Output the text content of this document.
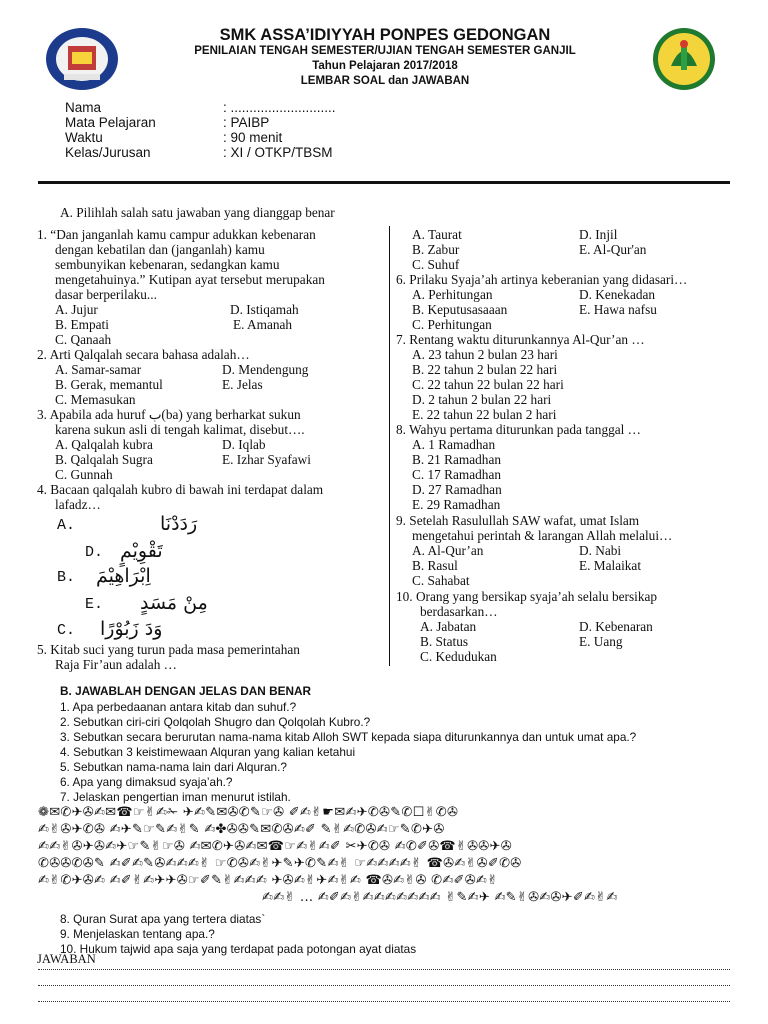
SMK ASSA’IDIYYAH PONPES GEDONGAN
PENILAIAN TENGAH SEMESTER/UJIAN TENGAH SEMESTER GANJIL
Tahun Pelajaran 2017/2018
LEMBAR SOAL dan JAWABAN
Nama	: ............................
Mata Pelajaran	: PAIBP
Waktu	: 90 menit
Kelas/Jurusan	: XI / OTKP/TBSM
A. Pilihlah salah satu jawaban yang dianggap benar
1. “Dan janganlah kamu campur adukkan kebenaran
dengan kebatilan dan (janganlah) kamu
sembunyikan kebenaran, sedangkan kamu
mengetahuinya.” Kutipan ayat tersebut merupakan
dasar berperilaku...
A. Jujur	D. Istiqamah
B. Empati	E. Amanah
C. Qanaah
2. Arti Qalqalah secara bahasa adalah…
A. Samar-samar	D. Mendengung
B. Gerak, memantul	E. Jelas
C. Memasukan
3. Apabila ada huruf ب(ba) yang berharkat sukun
karena sukun asli di tengah kalimat, disebut….
A. Qalqalah kubra	D. Iqlab
B. Qalqalah Sugra	E. Izhar Syafawi
C. Gunnah
4. Bacaan qalqalah kubro di bawah ini terdapat dalam
lafadz…
A.	رَدَدْنَا
D. تَقْوِيْمٍ
B. اِبْرَاهِيْمَ
E. مِنْ مَسَدٍ
C. وَدَ زَبُوْرًا
5. Kitab suci yang turun pada masa pemerintahan
Raja Fir’aun adalah …
A. Taurat	D. Injil
B. Zabur	E. Al-Qur'an
C. Suhuf
6. Prilaku Syaja’ah artinya keberanian yang didasari…
A. Perhitungan	D. Kenekadan
B. Keputusasaaan	E. Hawa nafsu
C. Perhitungan
7. Rentang waktu diturunkannya Al-Qur’an …
A. 23 tahun 2 bulan 23 hari
B. 22 tahun 2 bulan 22 hari
C. 22 tahun 22 bulan 22 hari
D. 2 tahun 2 bulan 22 hari
E. 22 tahun 22 bulan 2 hari
8. Wahyu pertama diturunkan pada tanggal …
A. 1 Ramadhan
B. 21 Ramadhan
C. 17 Ramadhan
D. 27 Ramadhan
E. 29 Ramadhan
9. Setelah Rasulullah SAW wafat, umat Islam
mengetahui perintah & larangan Allah melalui…
A. Al-Qur’an	D. Nabi
B. Rasul	E. Malaikat
C. Sahabat
10. Orang yang bersikap syaja’ah selalu bersikap
berdasarkan…
A. Jabatan	D. Kebenaran
B. Status	E. Uang
C. Kedudukan
B. JAWABLAH DENGAN JELAS DAN BENAR
1. Apa perbedaanan antara kitab dan suhuf.?
2. Sebutkan ciri-ciri Qolqolah Shugro dan Qolqolah Kubro.?
3. Sebutkan secara berurutan nama-nama kitab Alloh SWT kepada siapa diturunkannya dan untuk umat apa.?
4. Sebutkan 3 keistimewaan Alquran yang kalian ketahui
5. Sebutkan nama-nama lain dari Alquran.?
6. Apa yang dimaksud syaja’ah.?
7. Jelaskan pengertian iman menurut istilah.
❁✉✆✈✇✍✉☎☞✌✍✁ ✈✍✎✉✇✆✎☞✇ ✐✍✌☛✉✍✈✆✇✎✆☐✌✆✇
✍✌✇✈✆✇ ✍✈✎☞✎✍✌✎ ✍✤✇✇✎✉✆✇✍✐ ✎✌✍✆✇✍☞✎✆✈✇
✍✍✌✇✈✇✍✈☞✎✌☞✇ ✍✉✆✈✇✍✉☎☞✍✌✍✐ ✂✈✆✇ ✍✆✐✇☎✌✇✇✈✇
✆✇✇✆✇✎ ✍✐✍✎✇✍✍✍✌ ☞✆✇✍✌✈✎✈✆✎✍✌ ☞✍✍✍✍✌ ☎✇✍✌✇✐✆✇
✍✌✆✈✇✍ ✍✐✌✍✈✈✇☞✐✎✌✍✍✍ ✈✇✍✌✈✍✌✍ ☎✇✍✌✇ ✆✍✐✇✍✌
✍✍✌ ... ✍✐✍✌✍✍✍✍✍✍✍ ✌✎✍✈ ✍✎✌✇✍✇✈✐✍✌✍
8. Quran Surat apa yang tertera diatas`
9. Menjelaskan tentang apa.?
10. Hukum tajwid apa saja yang terdapat pada potongan ayat diatas
JAWABAN
